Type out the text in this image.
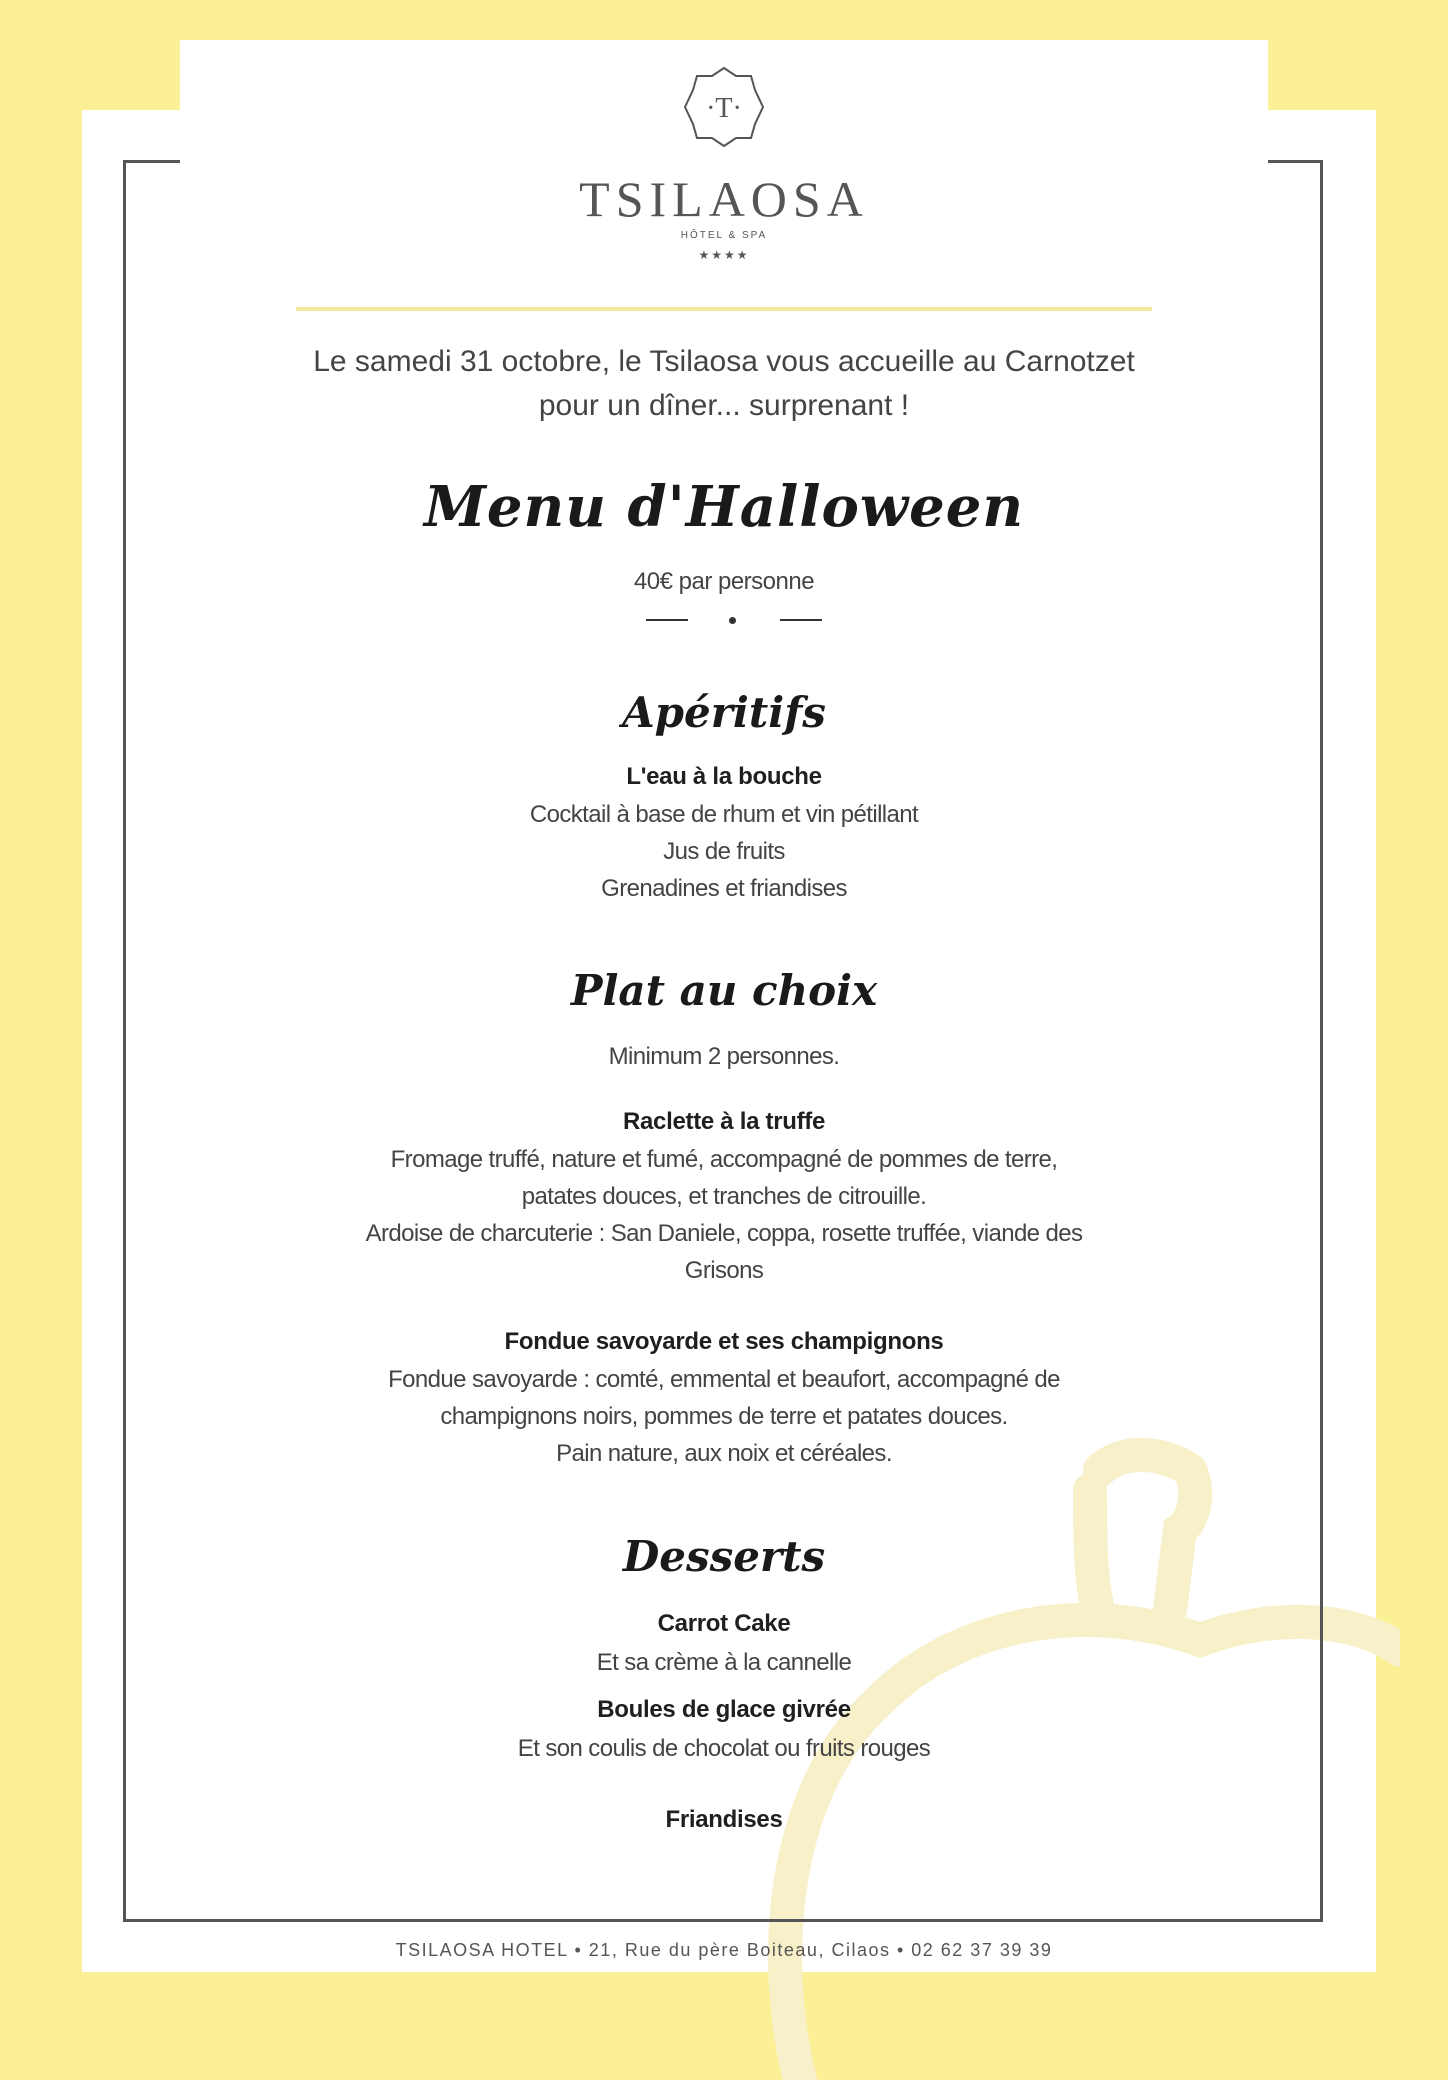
·T·
TSILAOSA
HÔTEL & SPA
★★★★
Le samedi 31 octobre, le Tsilaosa vous accueille au Carnotzet
pour un dîner... surprenant !
Menu d'Halloween
40€ par personne
Apéritifs
L'eau à la bouche
Cocktail à base de rhum et vin pétillant
Jus de fruits
Grenadines et friandises
Plat au choix
Minimum 2 personnes.
Raclette à la truffe
Fromage truffé, nature et fumé, accompagné de pommes de terre,
patates douces, et tranches de citrouille.
Ardoise de charcuterie : San Daniele, coppa, rosette truffée, viande des
Grisons
Fondue savoyarde et ses champignons
Fondue savoyarde : comté, emmental et beaufort, accompagné de
champignons noirs, pommes de terre et patates douces.
Pain nature, aux noix et céréales.
Desserts
Carrot Cake
Et sa crème à la cannelle
Boules de glace givrée
Et son coulis de chocolat ou fruits rouges
Friandises
TSILAOSA HOTEL • 21, Rue du père Boiteau, Cilaos • 02 62 37 39 39
